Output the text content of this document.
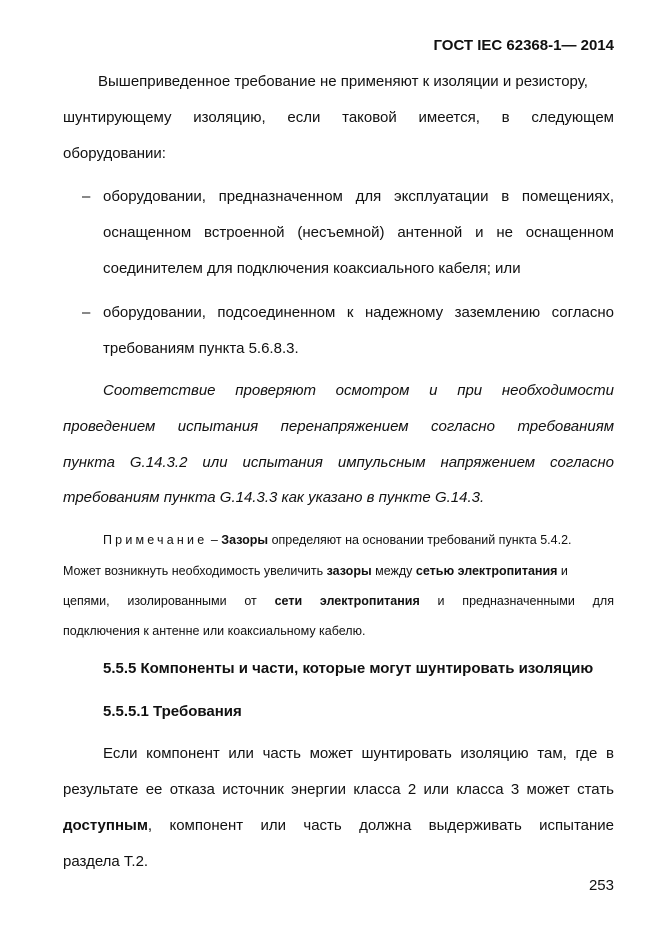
ГОСТ IEC 62368-1— 2014
Вышеприведенное требование не применяют к изоляции и резистору,
шунтирующему изоляцию, если таковой имеется, в следующем
оборудовании:
– оборудовании, предназначенном для эксплуатации в помещениях,
оснащенном встроенной (несъемной) антенной и не оснащенном
соединителем для подключения коаксиального кабеля; или
– оборудовании, подсоединенном к надежному заземлению согласно
требованиям пункта 5.6.8.3.
Соответствие проверяют осмотром и при необходимости
проведением испытания перенапряжением согласно требованиям
пункта G.14.3.2 или испытания импульсным напряжением согласно
требованиям пункта G.14.3.3 как указано в пункте G.14.3.
Примечание – Зазоры определяют на основании требований пункта 5.4.2.
Может возникнуть необходимость увеличить зазоры между сетью электропитания и
цепями, изолированными от сети электропитания и предназначенными для
подключения к антенне или коаксиальному кабелю.
5.5.5 Компоненты и части, которые могут шунтировать изоляцию
5.5.5.1 Требования
Если компонент или часть может шунтировать изоляцию там, где в
результате ее отказа источник энергии класса 2 или класса 3 может стать
доступным, компонент или часть должна выдерживать испытание
раздела Т.2.
253
